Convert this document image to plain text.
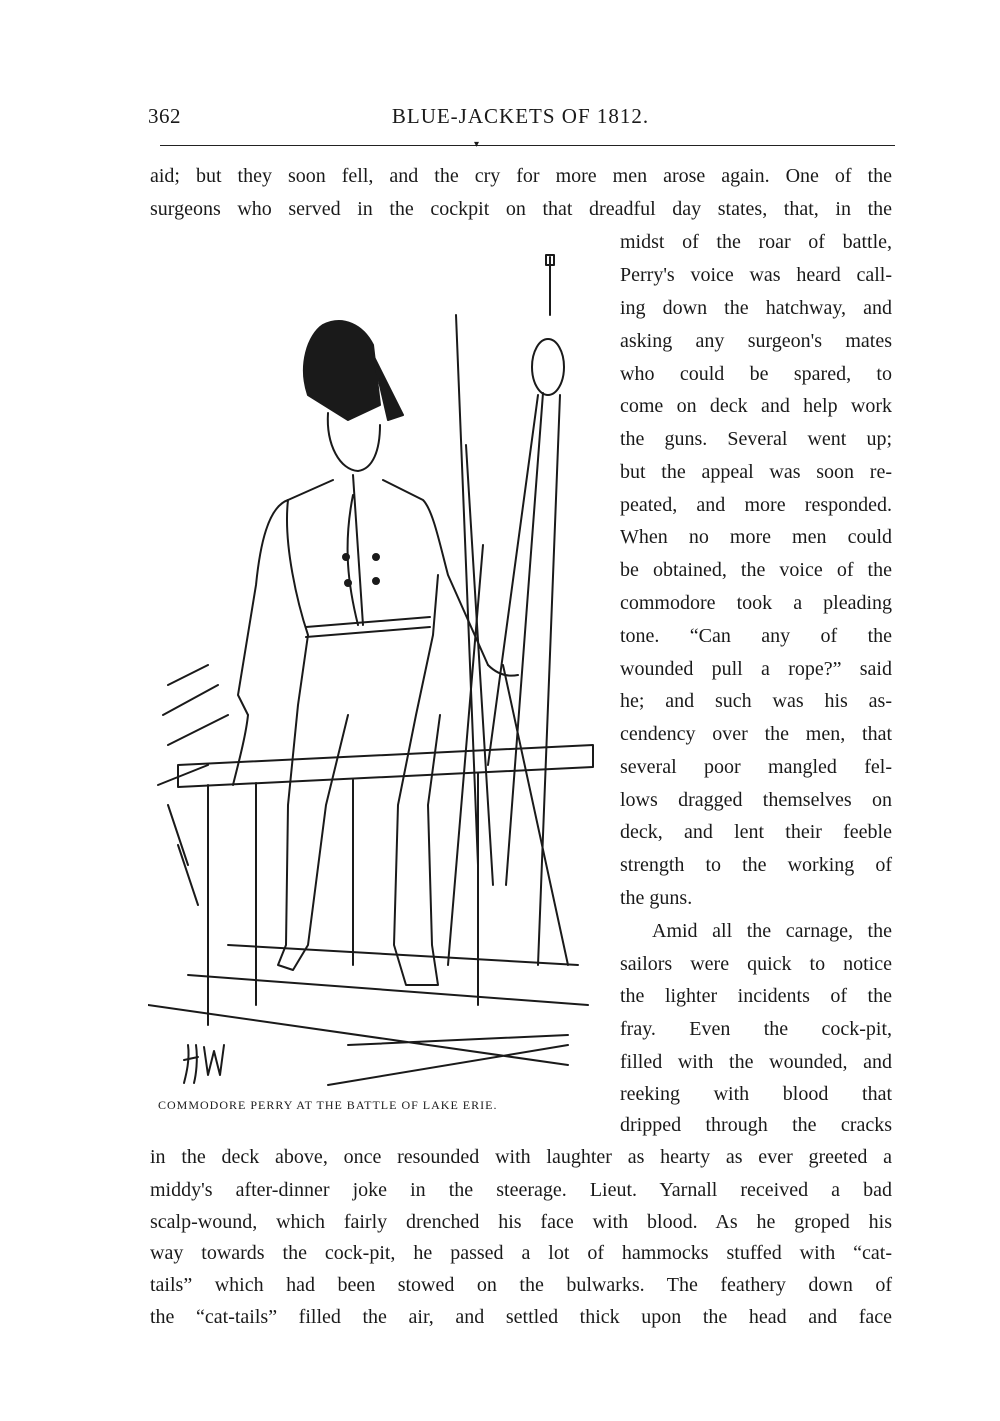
362	BLUE-JACKETS OF 1812.
▾
aid; but they soon fell, and the cry for more men arose again. One of the
surgeons who served in the cockpit on that dreadful day states, that, in the
midst of the roar of battle,
Perry's voice was heard call-
ing down the hatchway, and
asking any surgeon's mates
who could be spared, to
come on deck and help work
the guns. Several went up;
but the appeal was soon re-
peated, and more responded.
When no more men could
be obtained, the voice of the
commodore took a pleading
tone. “Can any of the
wounded pull a rope?” said
he; and such was his as-
cendency over the men, that
several poor mangled fel-
lows dragged themselves on
deck, and lent their feeble
strength to the working of
the guns.
Amid all the carnage, the
sailors were quick to notice
the lighter incidents of the
fray. Even the cock-pit,
filled with the wounded, and
reeking with blood that
dripped through the cracks
in the deck above, once resounded with laughter as hearty as ever greeted a
middy's after-dinner joke in the steerage. Lieut. Yarnall received a bad
scalp-wound, which fairly drenched his face with blood. As he groped his
way towards the cock-pit, he passed a lot of hammocks stuffed with “cat-
tails” which had been stowed on the bulwarks. The feathery down of
the “cat-tails” filled the air, and settled thick upon the head and face
COMMODORE PERRY AT THE BATTLE OF LAKE ERIE.
